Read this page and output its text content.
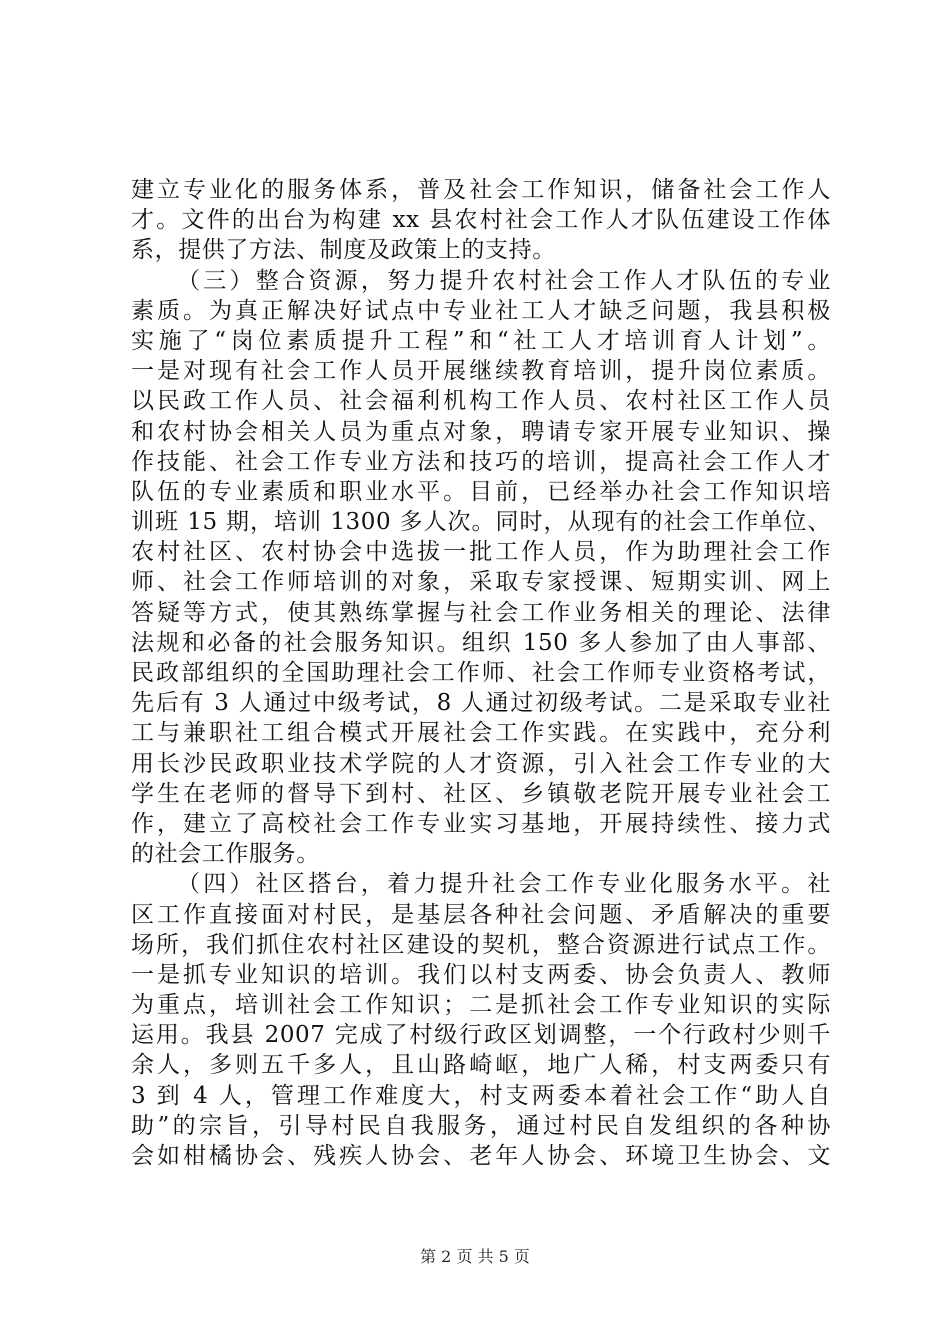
建立专业化的服务体系，普及社会工作知识，储备社会工作人
才。文件的出台为构建 xx 县农村社会工作人才队伍建设工作体
系，提供了方法、制度及政策上的支持。
（三）整合资源，努力提升农村社会工作人才队伍的专业
素质。为真正解决好试点中专业社工人才缺乏问题，我县积极
实施了“岗位素质提升工程”和“社工人才培训育人计划”。
一是对现有社会工作人员开展继续教育培训，提升岗位素质。
以民政工作人员、社会福利机构工作人员、农村社区工作人员
和农村协会相关人员为重点对象，聘请专家开展专业知识、操
作技能、社会工作专业方法和技巧的培训，提高社会工作人才
队伍的专业素质和职业水平。目前，已经举办社会工作知识培
训班 15 期，培训 1300 多人次。同时，从现有的社会工作单位、
农村社区、农村协会中选拔一批工作人员，作为助理社会工作
师、社会工作师培训的对象，采取专家授课、短期实训、网上
答疑等方式，使其熟练掌握与社会工作业务相关的理论、法律
法规和必备的社会服务知识。组织 150 多人参加了由人事部、
民政部组织的全国助理社会工作师、社会工作师专业资格考试，
先后有 3 人通过中级考试，8 人通过初级考试。二是采取专业社
工与兼职社工组合模式开展社会工作实践。在实践中，充分利
用长沙民政职业技术学院的人才资源，引入社会工作专业的大
学生在老师的督导下到村、社区、乡镇敬老院开展专业社会工
作，建立了高校社会工作专业实习基地，开展持续性、接力式
的社会工作服务。
（四）社区搭台，着力提升社会工作专业化服务水平。社
区工作直接面对村民，是基层各种社会问题、矛盾解决的重要
场所，我们抓住农村社区建设的契机，整合资源进行试点工作。
一是抓专业知识的培训。我们以村支两委、协会负责人、教师
为重点，培训社会工作知识；二是抓社会工作专业知识的实际
运用。我县 2007 完成了村级行政区划调整，一个行政村少则千
余人，多则五千多人，且山路崎岖，地广人稀，村支两委只有
3 到 4 人，管理工作难度大，村支两委本着社会工作“助人自
助”的宗旨，引导村民自我服务，通过村民自发组织的各种协
会如柑橘协会、残疾人协会、老年人协会、环境卫生协会、文
第 2 页 共 5 页
